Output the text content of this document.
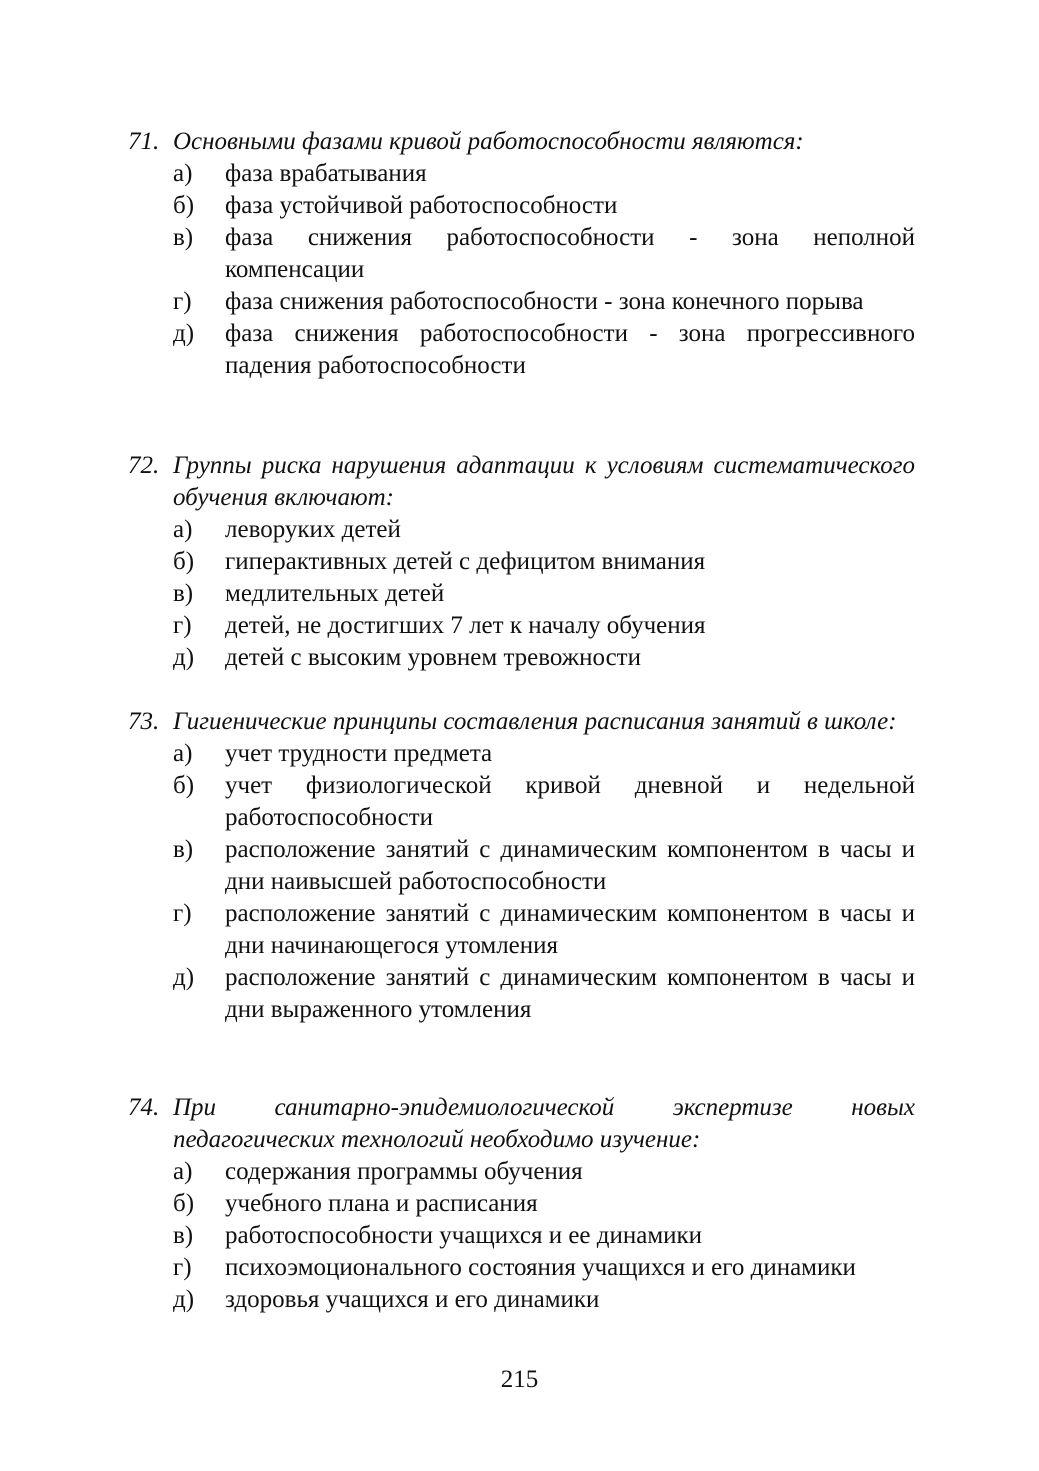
71. Основными фазами кривой работоспособности являются:
а) фаза врабатывания
б) фаза устойчивой работоспособности
в) фаза снижения работоспособности - зона неполной компенсации
г) фаза снижения работоспособности - зона конечного порыва
д) фаза снижения работоспособности - зона прогрессивного падения работоспособности
72. Группы риска нарушения адаптации к условиям систематического обучения включают:
а) леворуких детей
б) гиперактивных детей с дефицитом внимания
в) медлительных детей
г) детей, не достигших 7 лет к началу обучения
д) детей с высоким уровнем тревожности
73. Гигиенические принципы составления расписания занятий в школе:
а) учет трудности предмета
б) учет физиологической кривой дневной и недельной работоспособности
в) расположение занятий с динамическим компонентом в часы и дни наивысшей работоспособности
г) расположение занятий с динамическим компонентом в часы и дни начинающегося утомления
д) расположение занятий с динамическим компонентом в часы и дни выраженного утомления
74. При санитарно-эпидемиологической экспертизе новых педагогических технологий необходимо изучение:
а) содержания программы обучения
б) учебного плана и расписания
в) работоспособности учащихся и ее динамики
г) психоэмоционального состояния учащихся и его динамики
д) здоровья учащихся и его динамики
215
